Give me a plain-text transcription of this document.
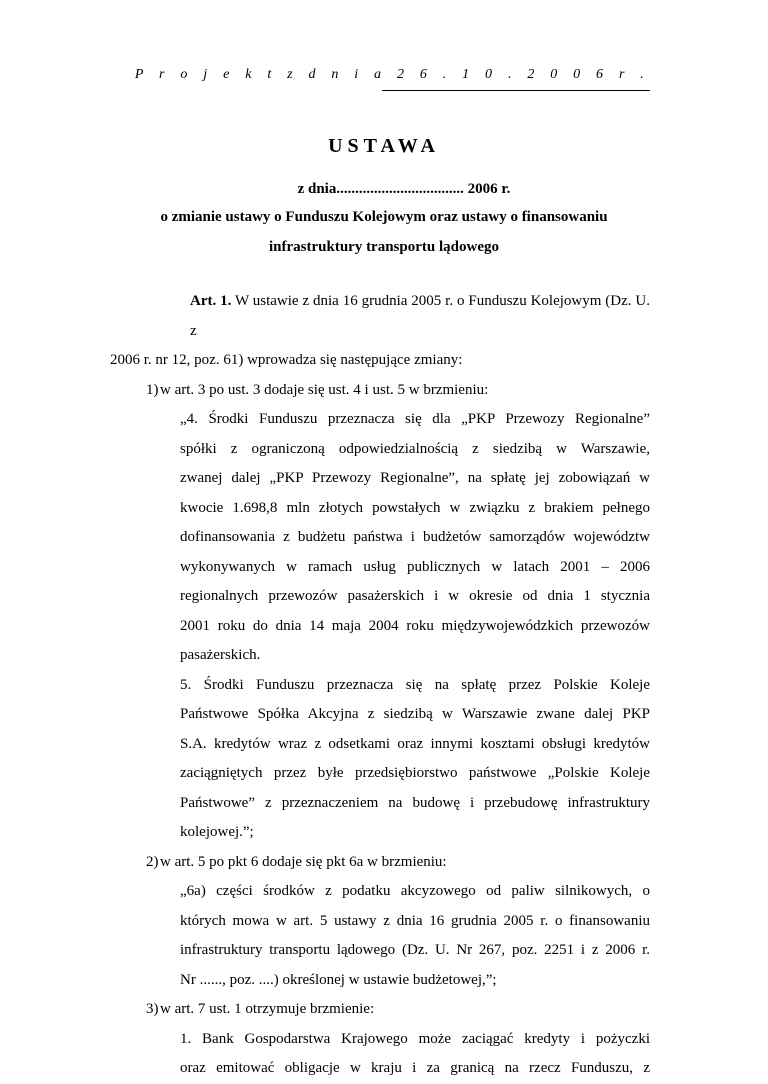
P r o j e k t z d n i a 2 6 . 1 0 . 2 0 0 6 r .
USTAWA
z dnia.................................. 2006 r.
o zmianie ustawy o Funduszu Kolejowym oraz ustawy o finansowaniu
infrastruktury transportu lądowego
Art. 1. W ustawie z dnia 16 grudnia 2005 r. o Funduszu Kolejowym (Dz. U. z
2006 r. nr 12, poz. 61) wprowadza się następujące zmiany:
1) w art. 3 po ust. 3 dodaje się ust. 4 i ust. 5 w brzmieniu:
„4. Środki Funduszu przeznacza się dla „PKP Przewozy Regionalne”
spółki z ograniczoną odpowiedzialnością z siedzibą w Warszawie,
zwanej dalej „PKP Przewozy Regionalne”, na spłatę jej zobowiązań w
kwocie 1.698,8 mln złotych powstałych w związku z brakiem pełnego
dofinansowania z budżetu państwa i budżetów samorządów województw
wykonywanych w ramach usług publicznych w latach 2001 – 2006
regionalnych przewozów pasażerskich i w okresie od dnia 1 stycznia
2001 roku do dnia 14 maja 2004 roku międzywojewódzkich przewozów
pasażerskich.
5. Środki Funduszu przeznacza się na spłatę przez Polskie Koleje
Państwowe Spółka Akcyjna z siedzibą w Warszawie zwane dalej PKP
S.A. kredytów wraz z odsetkami oraz innymi kosztami obsługi kredytów
zaciągniętych przez byłe przedsiębiorstwo państwowe „Polskie Koleje
Państwowe” z przeznaczeniem na budowę i przebudowę infrastruktury
kolejowej.”;
2) w art. 5 po pkt 6 dodaje się pkt 6a w brzmieniu:
„6a) części środków z podatku akcyzowego od paliw silnikowych, o
których mowa w art. 5 ustawy z dnia 16 grudnia 2005 r. o finansowaniu
infrastruktury transportu lądowego (Dz. U. Nr 267, poz. 2251 i z 2006 r.
Nr ......, poz. ....) określonej w ustawie budżetowej,”;
3) w art. 7 ust. 1 otrzymuje brzmienie:
1. Bank Gospodarstwa Krajowego może zaciągać kredyty i pożyczki
oraz emitować obligacje w kraju i za granicą na rzecz Funduszu, z
